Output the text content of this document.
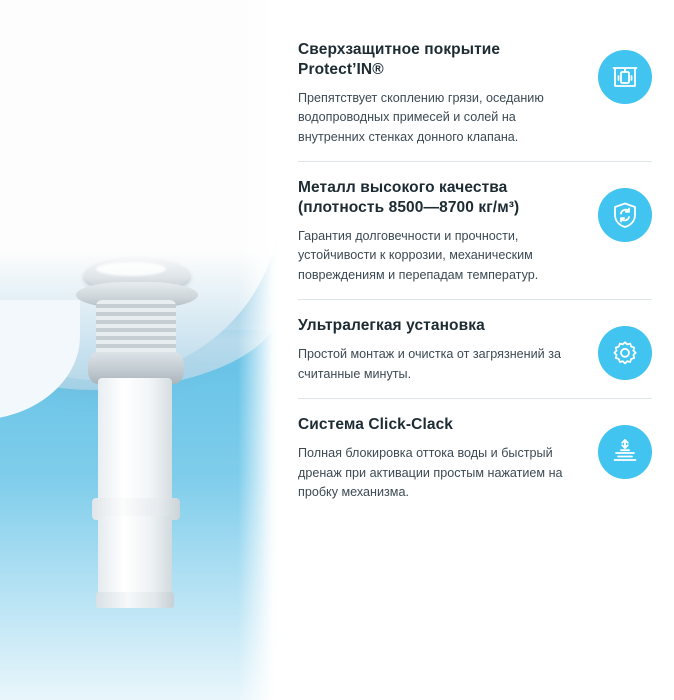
Сверхзащитное покрытие Protect’IN®
Препятствует скоплению грязи, оседанию водопроводных примесей и солей на внутренних стенках донного клапана.
Металл высокого качества (плотность 8500—8700 кг/м³)
Гарантия долговечности и прочности, устойчивости к коррозии, механическим повреждениям и перепадам температур.
Ультралегкая установка
Простой монтаж и очистка от загрязнений за считанные минуты.
Система Click-Clack
Полная блокировка оттока воды и быстрый дренаж при активации простым нажатием на пробку механизма.
